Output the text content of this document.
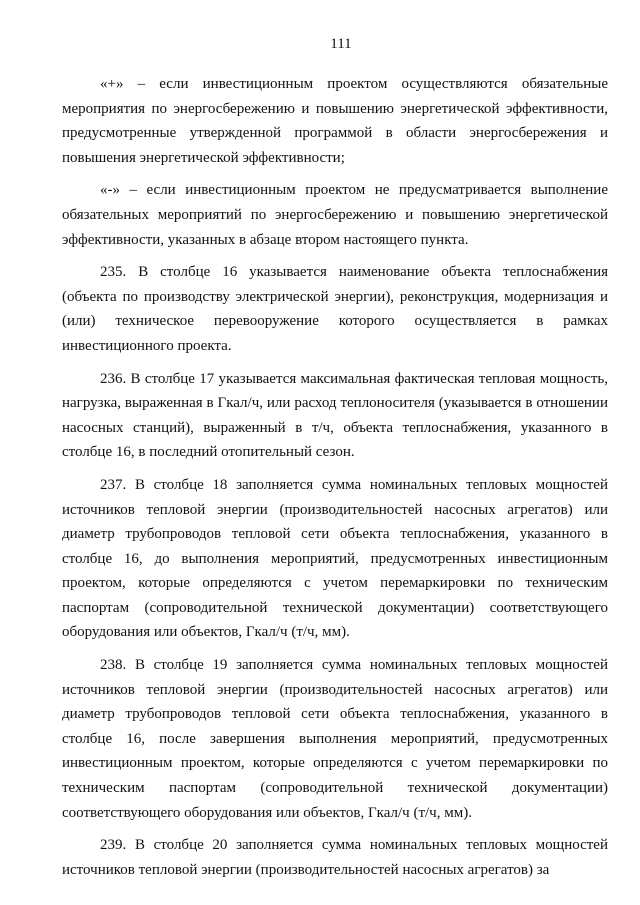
111

«+» – если инвестиционным проектом осуществляются обязательные мероприятия по энергосбережению и повышению энергетической эффективности, предусмотренные утвержденной программой в области энергосбережения и повышения энергетической эффективности;

«-» – если инвестиционным проектом не предусматривается выполнение обязательных мероприятий по энергосбережению и повышению энергетической эффективности, указанных в абзаце втором настоящего пункта.

235. В столбце 16 указывается наименование объекта теплоснабжения (объекта по производству электрической энергии), реконструкция, модернизация и (или) техническое перевооружение которого осуществляется в рамках инвестиционного проекта.

236. В столбце 17 указывается максимальная фактическая тепловая мощность, нагрузка, выраженная в Гкал/ч, или расход теплоносителя (указывается в отношении насосных станций), выраженный в т/ч, объекта теплоснабжения, указанного в столбце 16, в последний отопительный сезон.

237. В столбце 18 заполняется сумма номинальных тепловых мощностей источников тепловой энергии (производительностей насосных агрегатов) или диаметр трубопроводов тепловой сети объекта теплоснабжения, указанного в столбце 16, до выполнения мероприятий, предусмотренных инвестиционным проектом, которые определяются с учетом перемаркировки по техническим паспортам (сопроводительной технической документации) соответствующего оборудования или объектов, Гкал/ч (т/ч, мм).

238. В столбце 19 заполняется сумма номинальных тепловых мощностей источников тепловой энергии (производительностей насосных агрегатов) или диаметр трубопроводов тепловой сети объекта теплоснабжения, указанного в столбце 16, после завершения выполнения мероприятий, предусмотренных инвестиционным проектом, которые определяются с учетом перемаркировки по техническим паспортам (сопроводительной технической документации) соответствующего оборудования или объектов, Гкал/ч (т/ч, мм).

239. В столбце 20 заполняется сумма номинальных тепловых мощностей источников тепловой энергии (производительностей насосных агрегатов) за
